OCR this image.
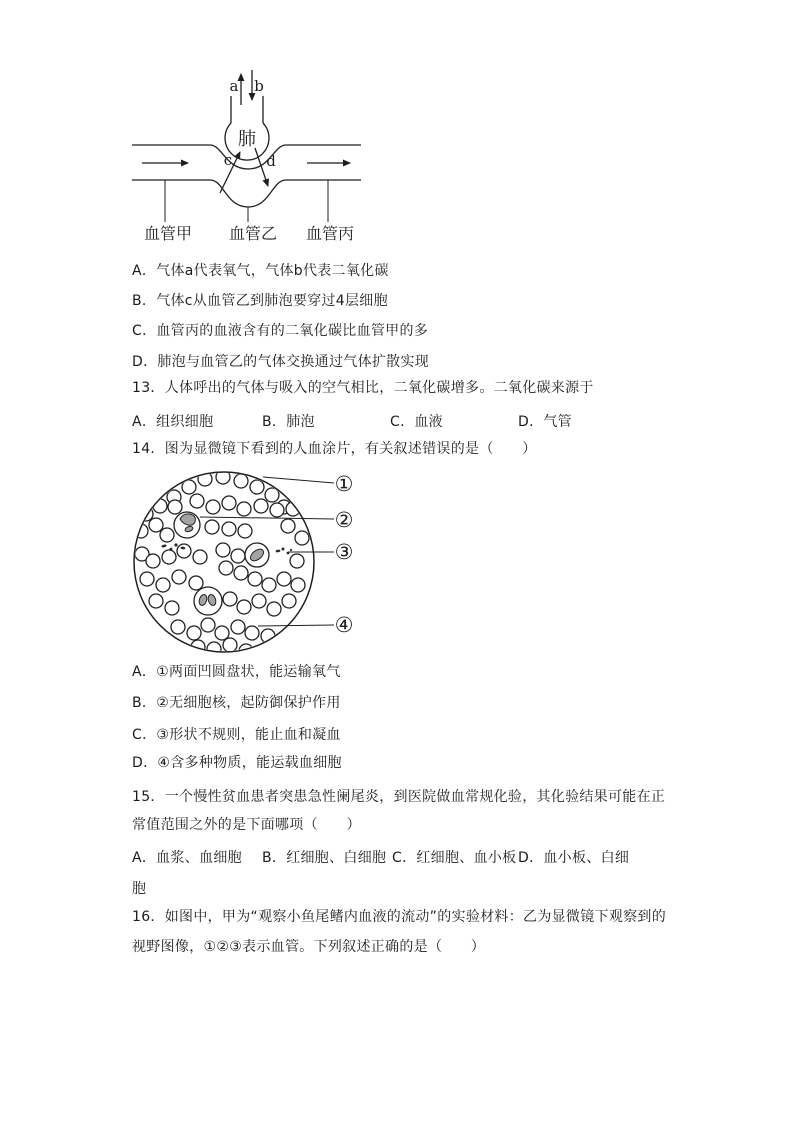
a b
肺
c d
血管甲 血管乙 血管丙
A．气体a代表氧气，气体b代表二氧化碳
B．气体c从血管乙到肺泡要穿过4层细胞
C．血管丙的血液含有的二氧化碳比血管甲的多
D．肺泡与血管乙的气体交换通过气体扩散实现
13．人体呼出的气体与吸入的空气相比，二氧化碳增多。二氧化碳来源于
A．组织细胞	B．肺泡	C．血液	D．气管
14．图为显微镜下看到的人血涂片，有关叙述错误的是（　　）
①
②
③
④
A．①两面凹圆盘状，能运输氧气
B．②无细胞核，起防御保护作用
C．③形状不规则，能止血和凝血
D．④含多种物质，能运载血细胞
15．一个慢性贫血患者突患急性阑尾炎，到医院做血常规化验，其化验结果可能在正
常值范围之外的是下面哪项（　　）
A．血浆、血细胞 B．红细胞、白细胞 C．红细胞、血小板 D．血小板、白细
胞
16．如图中，甲为“观察小鱼尾鳍内血液的流动”的实验材料：乙为显微镜下观察到的
视野图像，①②③表示血管。下列叙述正确的是（　　）
